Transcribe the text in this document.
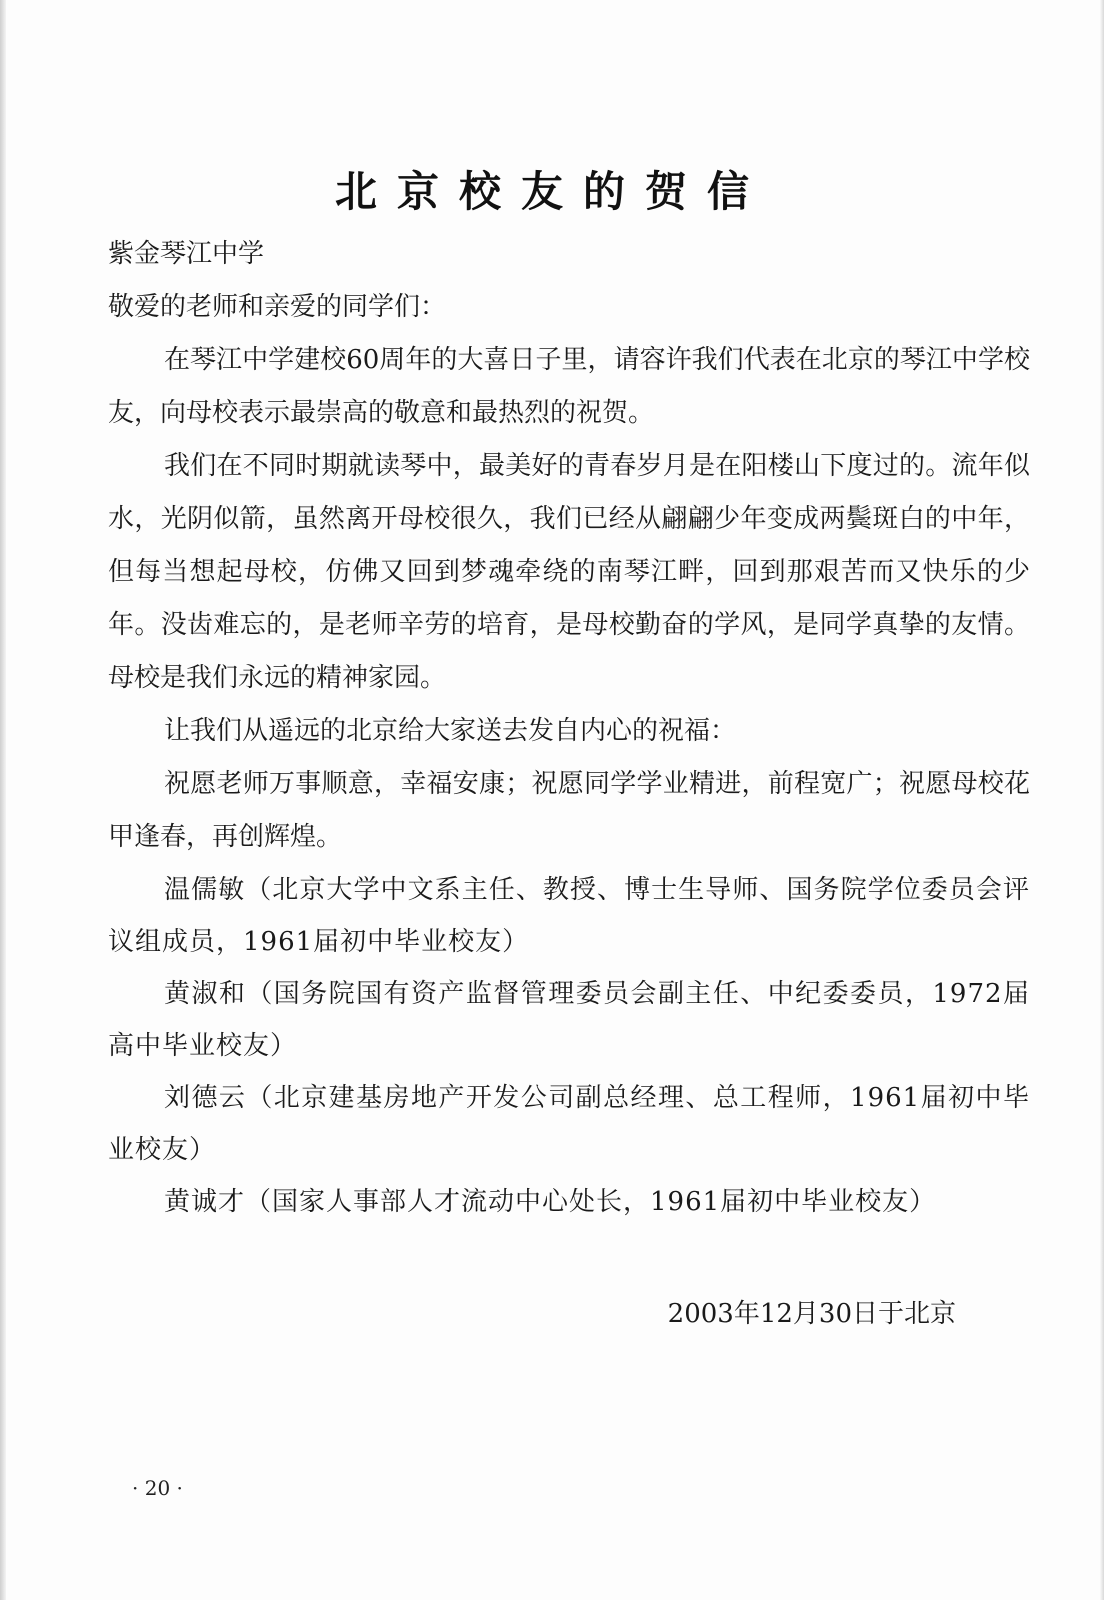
北京校友的贺信

紫金琴江中学

敬爱的老师和亲爱的同学们：

在琴江中学建校60周年的大喜日子里，请容许我们代表在北京的琴江中学校友，向母校表示最崇高的敬意和最热烈的祝贺。

我们在不同时期就读琴中，最美好的青春岁月是在阳楼山下度过的。流年似水，光阴似箭，虽然离开母校很久，我们已经从翩翩少年变成两鬓斑白的中年，但每当想起母校，仿佛又回到梦魂牵绕的南琴江畔，回到那艰苦而又快乐的少年。没齿难忘的，是老师辛劳的培育，是母校勤奋的学风，是同学真挚的友情。母校是我们永远的精神家园。

让我们从遥远的北京给大家送去发自内心的祝福：

祝愿老师万事顺意，幸福安康；祝愿同学学业精进，前程宽广；祝愿母校花甲逢春，再创辉煌。

温儒敏（北京大学中文系主任、教授、博士生导师、国务院学位委员会评议组成员，1961届初中毕业校友）

黄淑和（国务院国有资产监督管理委员会副主任、中纪委委员，1972届高中毕业校友）

刘德云（北京建基房地产开发公司副总经理、总工程师，1961届初中毕业校友）

黄诚才（国家人事部人才流动中心处长，1961届初中毕业校友）

2003年12月30日于北京
· 20 ·
